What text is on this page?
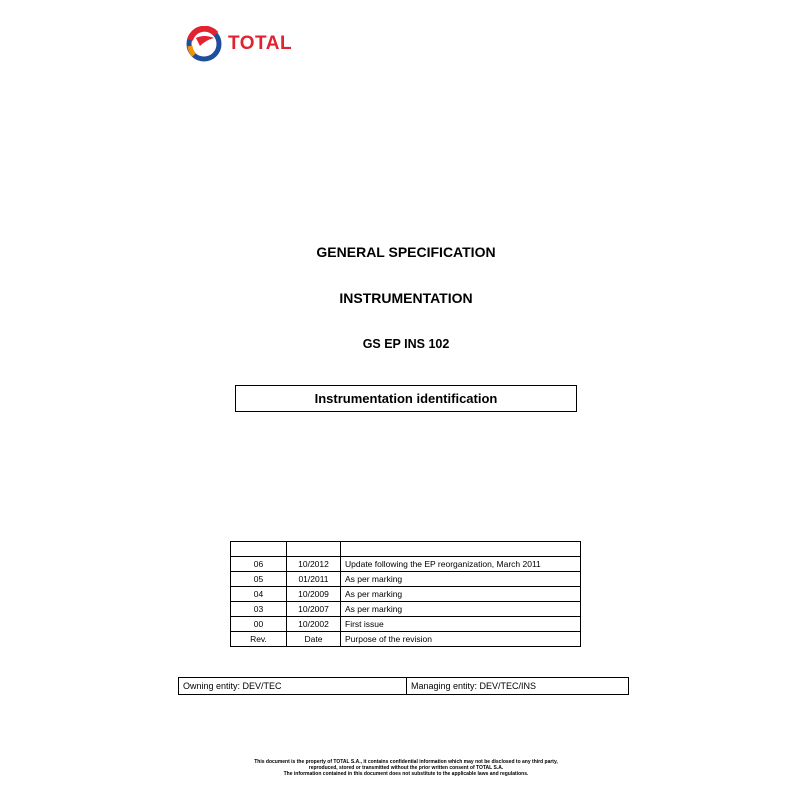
TOTAL
GENERAL SPECIFICATION
INSTRUMENTATION
GS EP INS 102
Instrumentation identification

06	10/2012	Update following the EP reorganization, March 2011
05	01/2011	As per marking
04	10/2009	As per marking
03	10/2007	As per marking
00	10/2002	First issue
Rev.	Date	Purpose of the revision
Owning entity: DEV/TEC	Managing entity: DEV/TEC/INS
This document is the property of TOTAL S.A., it contains confidential information which may not be disclosed to any third party,
reproduced, stored or transmitted without the prior written consent of TOTAL S.A.
The information contained in this document does not substitute to the applicable laws and regulations.
